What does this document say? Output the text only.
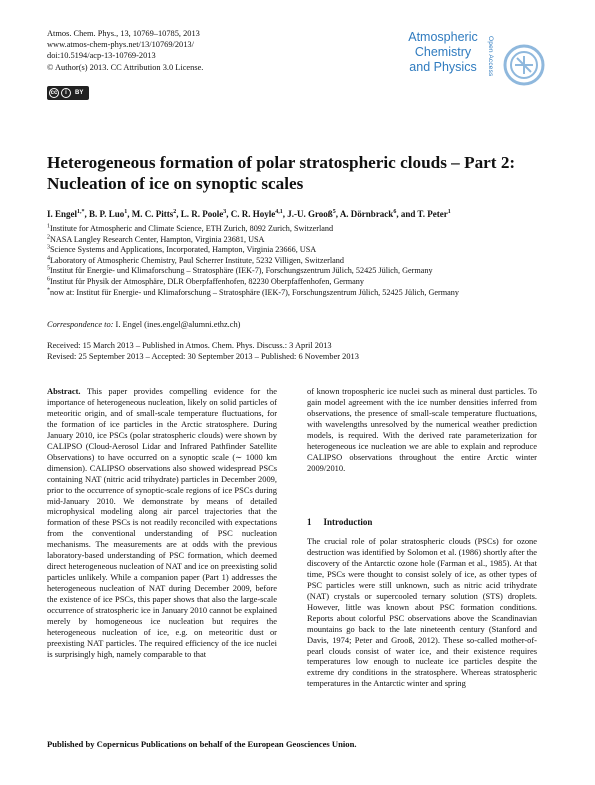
Atmos. Chem. Phys., 13, 10769–10785, 2013
www.atmos-chem-phys.net/13/10769/2013/
doi:10.5194/acp-13-10769-2013
© Author(s) 2013. CC Attribution 3.0 License.
cc	i	BY
Atmospheric
Chemistry
and Physics	Open Access
Heterogeneous formation of polar stratospheric clouds – Part 2:
Nucleation of ice on synoptic scales
I. Engel$^{1,*}$, B. P. Luo$^1$, M. C. Pitts$^2$, L. R. Poole$^3$, C. R. Hoyle$^{4,1}$, J.-U. Grooß$^5$, A. Dörnbrack$^6$, and T. Peter$^1$
$^1$Institute for Atmospheric and Climate Science, ETH Zurich, 8092 Zurich, Switzerland
$^2$NASA Langley Research Center, Hampton, Virginia 23681, USA
$^3$Science Systems and Applications, Incorporated, Hampton, Virginia 23666, USA
$^4$Laboratory of Atmospheric Chemistry, Paul Scherrer Institute, 5232 Villigen, Switzerland
$^5$Institut für Energie- und Klimaforschung – Stratosphäre (IEK-7), Forschungszentrum Jülich, 52425 Jülich, Germany
$^6$Institut für Physik der Atmosphäre, DLR Oberpfaffenhofen, 82230 Oberpfaffenhofen, Germany
*now at: Institut für Energie- und Klimaforschung – Stratosphäre (IEK-7), Forschungszentrum Jülich, 52425 Jülich, Germany
Correspondence to: I. Engel (ines.engel@alumni.ethz.ch)
Received: 15 March 2013 – Published in Atmos. Chem. Phys. Discuss.: 3 April 2013
Revised: 25 September 2013 – Accepted: 30 September 2013 – Published: 6 November 2013
Abstract. This paper provides compelling evidence for the importance of heterogeneous nucleation, likely on solid particles of meteoritic origin, and of small-scale temperature fluctuations, for the formation of ice particles in the Arctic stratosphere. During January 2010, ice PSCs (polar stratospheric clouds) were shown by CALIPSO (Cloud-Aerosol Lidar and Infrared Pathfinder Satellite Observations) to have occurred on a synoptic scale (∼ 1000 km dimension). CALIPSO observations also showed widespread PSCs containing NAT (nitric acid trihydrate) particles in December 2009, prior to the occurrence of synoptic-scale regions of ice PSCs during mid-January 2010. We demonstrate by means of detailed microphysical modeling along air parcel trajectories that the formation of these PSCs is not readily reconciled with expectations from the conventional understanding of PSC nucleation mechanisms. The measurements are at odds with the previous laboratory-based understanding of PSC formation, which deemed direct heterogeneous nucleation of NAT and ice on preexisting solid particles unlikely. While a companion paper (Part 1) addresses the heterogeneous nucleation of NAT during December 2009, before the existence of ice PSCs, this paper shows that also the large-scale occurrence of stratospheric ice in January 2010 cannot be explained merely by homogeneous ice nucleation but requires the heterogeneous nucleation of ice, e.g. on meteoritic dust or preexisting NAT particles. The required efficiency of the ice nuclei is surprisingly high, namely comparable to that
of known tropospheric ice nuclei such as mineral dust particles. To gain model agreement with the ice number densities inferred from observations, the presence of small-scale temperature fluctuations, with wavelengths unresolved by the numerical weather prediction models, is required. With the derived rate parameterization for heterogeneous ice nucleation we are able to explain and reproduce CALIPSO observations throughout the entire Arctic winter 2009/2010.
1 Introduction
The crucial role of polar stratospheric clouds (PSCs) for ozone destruction was identified by Solomon et al. (1986) shortly after the discovery of the Antarctic ozone hole (Farman et al., 1985). At that time, PSCs were thought to consist solely of ice, as other types of PSC particles were still unknown, such as nitric acid trihydrate (NAT) crystals or supercooled ternary solution (STS) droplets. However, little was known about PSC formation conditions. Reports about colorful PSC observations above the Scandinavian mountains go back to the late nineteenth century (Stanford and Davis, 1974; Peter and Grooß, 2012). These so-called mother-of-pearl clouds consist of water ice, and their existence requires temperatures low enough to nucleate ice particles despite the extreme dry conditions in the stratosphere. Whereas stratospheric temperatures in the Antarctic winter and spring
Published by Copernicus Publications on behalf of the European Geosciences Union.
